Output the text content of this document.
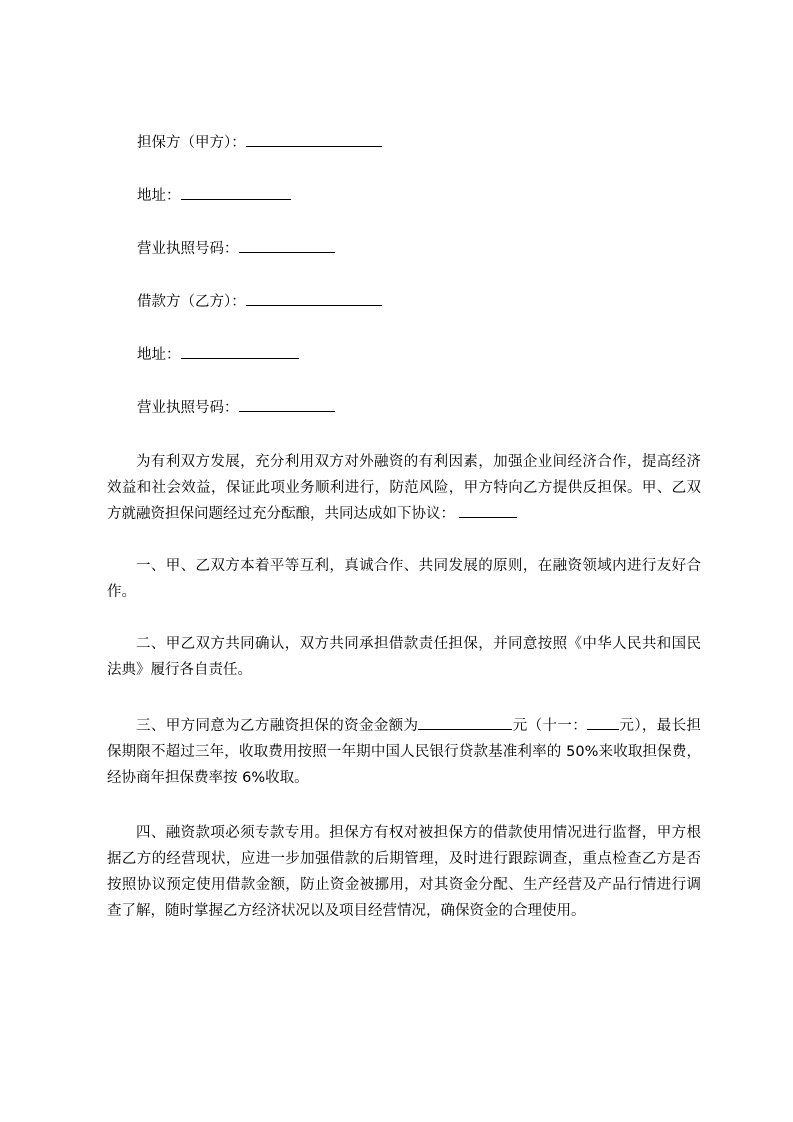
担保方（甲方）：
地址：
营业执照号码：
借款方（乙方）：
地址：
营业执照号码：

为有利双方发展，充分利用双方对外融资的有利因素，加强企业间经济合作，提高经济效益和社会效益，保证此项业务顺利进行，防范风险，甲方特向乙方提供反担保。甲、乙双方就融资担保问题经过充分酝酿，共同达成如下协议：

一、甲、乙双方本着平等互利，真诚合作、共同发展的原则，在融资领域内进行友好合作。

二、甲乙双方共同确认，双方共同承担借款责任担保，并同意按照《中华人民共和国民法典》履行各自责任。

三、甲方同意为乙方融资担保的资金金额为	元（十一： 元），最长担保期限不超过三年，收取费用按照一年期中国人民银行贷款基准利率的 50%来收取担保费，经协商年担保费率按 6%收取。

四、融资款项必须专款专用。担保方有权对被担保方的借款使用情况进行监督，甲方根据乙方的经营现状，应进一步加强借款的后期管理，及时进行跟踪调查，重点检查乙方是否按照协议预定使用借款金额，防止资金被挪用，对其资金分配、生产经营及产品行情进行调查了解，随时掌握乙方经济状况以及项目经营情况，确保资金的合理使用。
